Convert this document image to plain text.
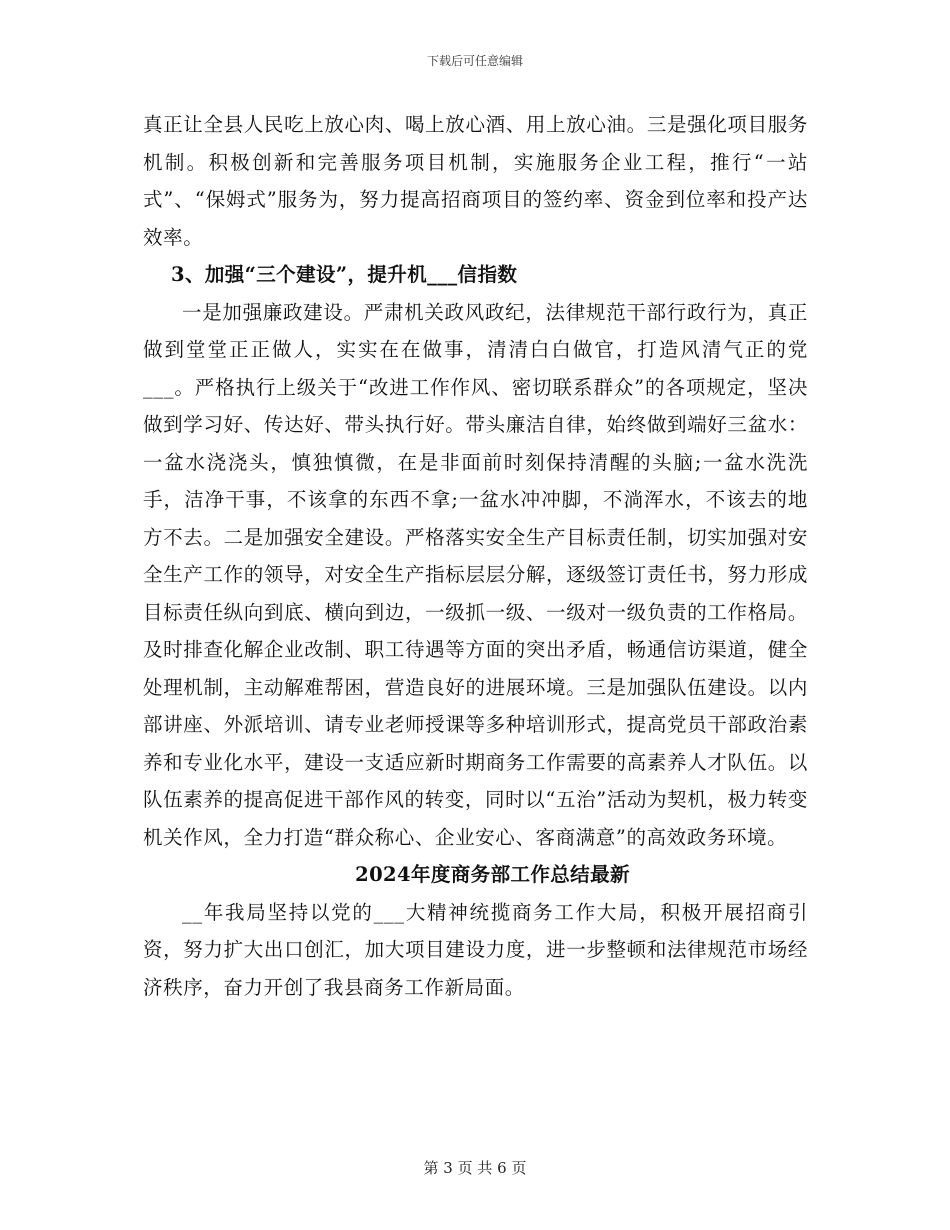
下载后可任意编辑

真正让全县人民吃上放心肉、喝上放心酒、用上放心油。三是强化项目服务机制。积极创新和完善服务项目机制，实施服务企业工程，推行“一站式”、“保姆式”服务为，努力提高招商项目的签约率、资金到位率和投产达效率。

3、加强“三个建设”，提升机___信指数

一是加强廉政建设。严肃机关政风政纪，法律规范干部行政行为，真正做到堂堂正正做人，实实在在做事，清清白白做官，打造风清气正的党___。严格执行上级关于“改进工作作风、密切联系群众”的各项规定，坚决做到学习好、传达好、带头执行好。带头廉洁自律，始终做到端好三盆水：一盆水浇浇头，慎独慎微，在是非面前时刻保持清醒的头脑;一盆水洗洗手，洁净干事，不该拿的东西不拿;一盆水冲冲脚，不淌浑水，不该去的地方不去。二是加强安全建设。严格落实安全生产目标责任制，切实加强对安全生产工作的领导，对安全生产指标层层分解，逐级签订责任书，努力形成目标责任纵向到底、横向到边，一级抓一级、一级对一级负责的工作格局。及时排查化解企业改制、职工待遇等方面的突出矛盾，畅通信访渠道，健全处理机制，主动解难帮困，营造良好的进展环境。三是加强队伍建设。以内部讲座、外派培训、请专业老师授课等多种培训形式，提高党员干部政治素养和专业化水平，建设一支适应新时期商务工作需要的高素养人才队伍。以队伍素养的提高促进干部作风的转变，同时以“五治”活动为契机，极力转变机关作风，全力打造“群众称心、企业安心、客商满意”的高效政务环境。

2024年度商务部工作总结最新

__年我局坚持以党的___大精神统揽商务工作大局，积极开展招商引资，努力扩大出口创汇，加大项目建设力度，进一步整顿和法律规范市场经济秩序，奋力开创了我县商务工作新局面。

第 3 页 共 6 页
